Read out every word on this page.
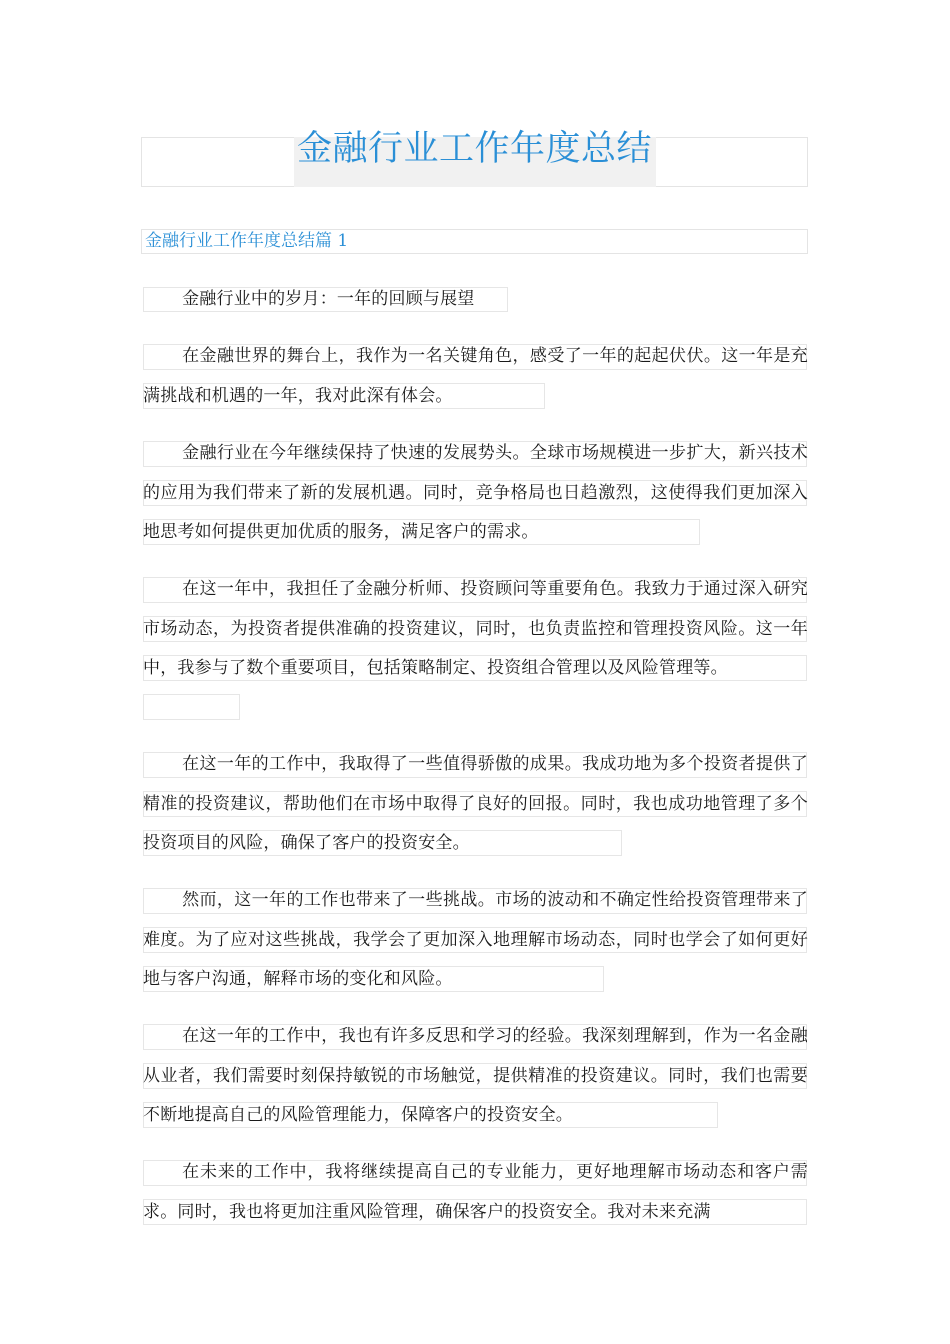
金融行业工作年度总结
金融行业工作年度总结篇 1
金融行业中的岁月：一年的回顾与展望
在金融世界的舞台上，我作为一名关键角色，感受了一年的起起伏伏。这一年是充满挑战和机遇的一年，我对此深有体会。
金融行业在今年继续保持了快速的发展势头。全球市场规模进一步扩大，新兴技术的应用为我们带来了新的发展机遇。同时，竞争格局也日趋激烈，这使得我们更加深入地思考如何提供更加优质的服务，满足客户的需求。
在这一年中，我担任了金融分析师、投资顾问等重要角色。我致力于通过深入研究市场动态，为投资者提供准确的投资建议，同时，也负责监控和管理投资风险。这一年中，我参与了数个重要项目，包括策略制定、投资组合管理以及风险管理等。
在这一年的工作中，我取得了一些值得骄傲的成果。我成功地为多个投资者提供了精准的投资建议，帮助他们在市场中取得了良好的回报。同时，我也成功地管理了多个投资项目的风险，确保了客户的投资安全。
然而，这一年的工作也带来了一些挑战。市场的波动和不确定性给投资管理带来了难度。为了应对这些挑战，我学会了更加深入地理解市场动态，同时也学会了如何更好地与客户沟通，解释市场的变化和风险。
在这一年的工作中，我也有许多反思和学习的经验。我深刻理解到，作为一名金融从业者，我们需要时刻保持敏锐的市场触觉，提供精准的投资建议。同时，我们也需要不断地提高自己的风险管理能力，保障客户的投资安全。
在未来的工作中，我将继续提高自己的专业能力，更好地理解市场动态和客户需求。同时，我也将更加注重风险管理，确保客户的投资安全。我对未来充满
